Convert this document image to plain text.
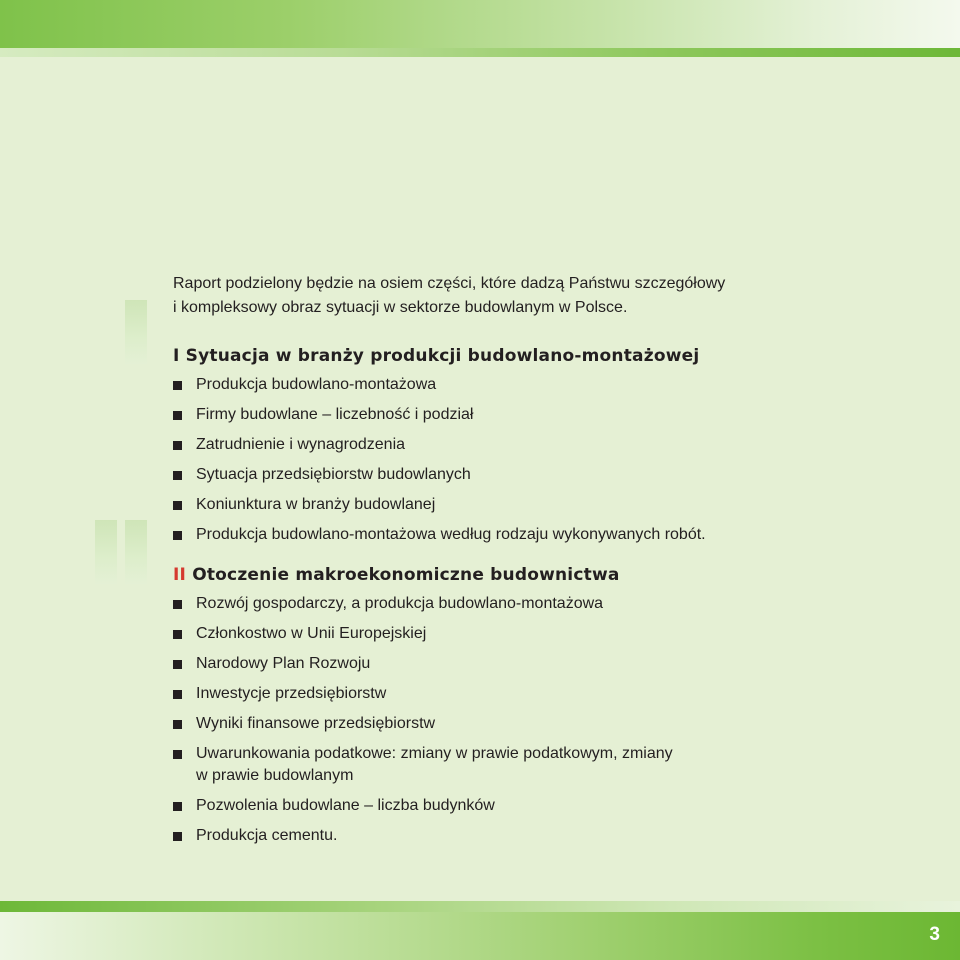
Raport podzielony będzie na osiem części, które dadzą Państwu szczegółowy
i kompleksowy obraz sytuacji w sektorze budowlanym w Polsce.

I Sytuacja w branży produkcji budowlano-montażowej
Produkcja budowlano-montażowa
Firmy budowlane – liczebność i podział
Zatrudnienie i wynagrodzenia
Sytuacja przedsiębiorstw budowlanych
Koniunktura w branży budowlanej
Produkcja budowlano-montażowa według rodzaju wykonywanych robót.
II Otoczenie makroekonomiczne budownictwa
Rozwój gospodarczy, a produkcja budowlano-montażowa
Członkostwo w Unii Europejskiej
Narodowy Plan Rozwoju
Inwestycje przedsiębiorstw
Wyniki finansowe przedsiębiorstw
Uwarunkowania podatkowe: zmiany w prawie podatkowym, zmiany
w prawie budowlanym
Pozwolenia budowlane – liczba budynków
Produkcja cementu.
3
